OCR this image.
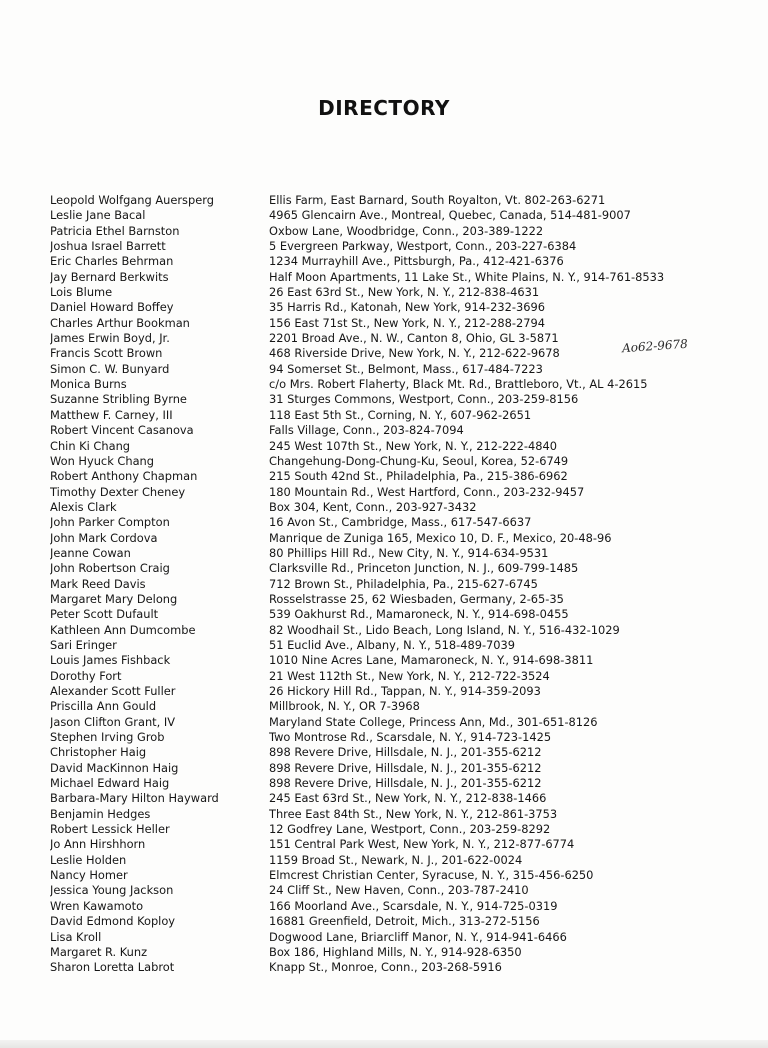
DIRECTORY
Leopold Wolfgang Auersperg	Ellis Farm, East Barnard, South Royalton, Vt. 802-263-6271
Leslie Jane Bacal	4965 Glencairn Ave., Montreal, Quebec, Canada, 514-481-9007
Patricia Ethel Barnston	Oxbow Lane, Woodbridge, Conn., 203-389-1222
Joshua Israel Barrett	5 Evergreen Parkway, Westport, Conn., 203-227-6384
Eric Charles Behrman	1234 Murrayhill Ave., Pittsburgh, Pa., 412-421-6376
Jay Bernard Berkwits	Half Moon Apartments, 11 Lake St., White Plains, N. Y., 914-761-8533
Lois Blume	26 East 63rd St., New York, N. Y., 212-838-4631
Daniel Howard Boffey	35 Harris Rd., Katonah, New York, 914-232-3696
Charles Arthur Bookman	156 East 71st St., New York, N. Y., 212-288-2794
James Erwin Boyd, Jr.	2201 Broad Ave., N. W., Canton 8, Ohio, GL 3-5871
Francis Scott Brown	468 Riverside Drive, New York, N. Y., 212-622-9678
Simon C. W. Bunyard	94 Somerset St., Belmont, Mass., 617-484-7223
Monica Burns	c/o Mrs. Robert Flaherty, Black Mt. Rd., Brattleboro, Vt., AL 4-2615
Suzanne Stribling Byrne	31 Sturges Commons, Westport, Conn., 203-259-8156
Matthew F. Carney, III	118 East 5th St., Corning, N. Y., 607-962-2651
Robert Vincent Casanova	Falls Village, Conn., 203-824-7094
Chin Ki Chang	245 West 107th St., New York, N. Y., 212-222-4840
Won Hyuck Chang	Changehung-Dong-Chung-Ku, Seoul, Korea, 52-6749
Robert Anthony Chapman	215 South 42nd St., Philadelphia, Pa., 215-386-6962
Timothy Dexter Cheney	180 Mountain Rd., West Hartford, Conn., 203-232-9457
Alexis Clark	Box 304, Kent, Conn., 203-927-3432
John Parker Compton	16 Avon St., Cambridge, Mass., 617-547-6637
John Mark Cordova	Manrique de Zuniga 165, Mexico 10, D. F., Mexico, 20-48-96
Jeanne Cowan	80 Phillips Hill Rd., New City, N. Y., 914-634-9531
John Robertson Craig	Clarksville Rd., Princeton Junction, N. J., 609-799-1485
Mark Reed Davis	712 Brown St., Philadelphia, Pa., 215-627-6745
Margaret Mary Delong	Rosselstrasse 25, 62 Wiesbaden, Germany, 2-65-35
Peter Scott Dufault	539 Oakhurst Rd., Mamaroneck, N. Y., 914-698-0455
Kathleen Ann Dumcombe	82 Woodhail St., Lido Beach, Long Island, N. Y., 516-432-1029
Sari Eringer	51 Euclid Ave., Albany, N. Y., 518-489-7039
Louis James Fishback	1010 Nine Acres Lane, Mamaroneck, N. Y., 914-698-3811
Dorothy Fort	21 West 112th St., New York, N. Y., 212-722-3524
Alexander Scott Fuller	26 Hickory Hill Rd., Tappan, N. Y., 914-359-2093
Priscilla Ann Gould	Millbrook, N. Y., OR 7-3968
Jason Clifton Grant, IV	Maryland State College, Princess Ann, Md., 301-651-8126
Stephen Irving Grob	Two Montrose Rd., Scarsdale, N. Y., 914-723-1425
Christopher Haig	898 Revere Drive, Hillsdale, N. J., 201-355-6212
David MacKinnon Haig	898 Revere Drive, Hillsdale, N. J., 201-355-6212
Michael Edward Haig	898 Revere Drive, Hillsdale, N. J., 201-355-6212
Barbara-Mary Hilton Hayward	245 East 63rd St., New York, N. Y., 212-838-1466
Benjamin Hedges	Three East 84th St., New York, N. Y., 212-861-3753
Robert Lessick Heller	12 Godfrey Lane, Westport, Conn., 203-259-8292
Jo Ann Hirshhorn	151 Central Park West, New York, N. Y., 212-877-6774
Leslie Holden	1159 Broad St., Newark, N. J., 201-622-0024
Nancy Homer	Elmcrest Christian Center, Syracuse, N. Y., 315-456-6250
Jessica Young Jackson	24 Cliff St., New Haven, Conn., 203-787-2410
Wren Kawamoto	166 Moorland Ave., Scarsdale, N. Y., 914-725-0319
David Edmond Koploy	16881 Greenfield, Detroit, Mich., 313-272-5156
Lisa Kroll	Dogwood Lane, Briarcliff Manor, N. Y., 914-941-6466
Margaret R. Kunz	Box 186, Highland Mills, N. Y., 914-928-6350
Sharon Loretta Labrot	Knapp St., Monroe, Conn., 203-268-5916
Ao62-9678
